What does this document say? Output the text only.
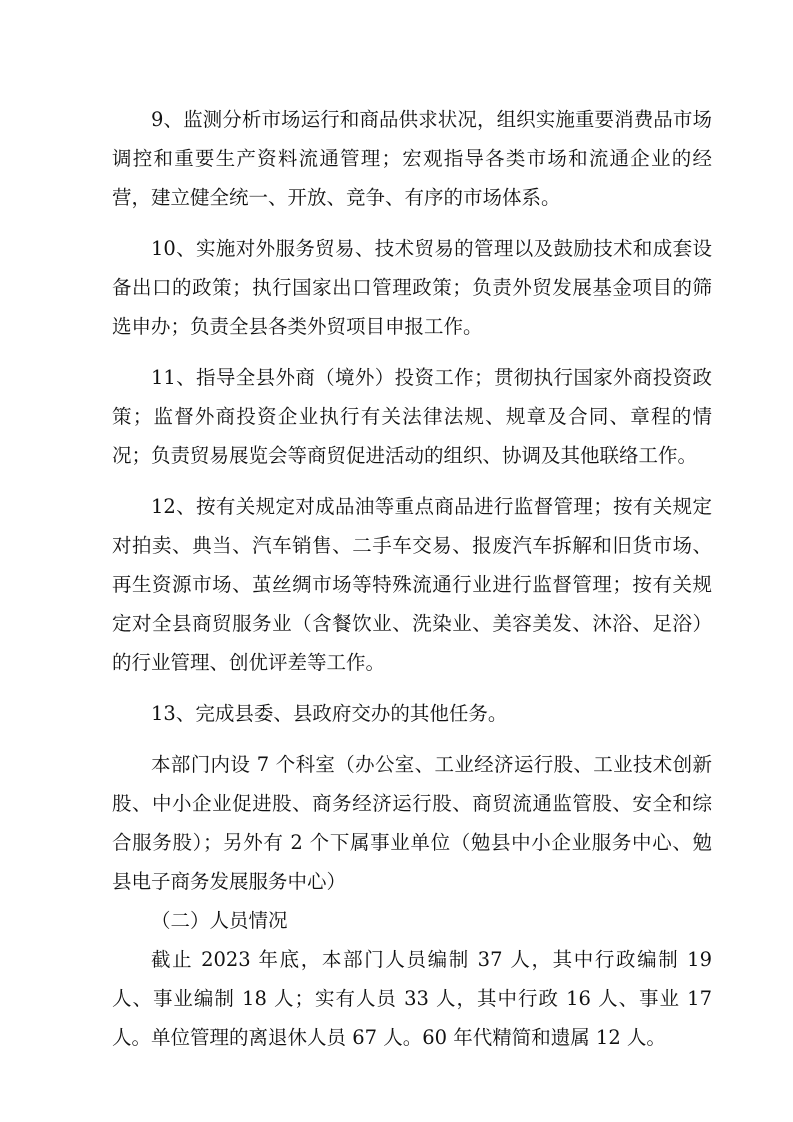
9、监测分析市场运行和商品供求状况，组织实施重要消费品市场调控和重要生产资料流通管理；宏观指导各类市场和流通企业的经营，建立健全统一、开放、竞争、有序的市场体系。

10、实施对外服务贸易、技术贸易的管理以及鼓励技术和成套设备出口的政策；执行国家出口管理政策；负责外贸发展基金项目的筛选申办；负责全县各类外贸项目申报工作。

11、指导全县外商（境外）投资工作；贯彻执行国家外商投资政策；监督外商投资企业执行有关法律法规、规章及合同、章程的情况；负责贸易展览会等商贸促进活动的组织、协调及其他联络工作。

12、按有关规定对成品油等重点商品进行监督管理；按有关规定对拍卖、典当、汽车销售、二手车交易、报废汽车拆解和旧货市场、再生资源市场、茧丝绸市场等特殊流通行业进行监督管理；按有关规定对全县商贸服务业（含餐饮业、洗染业、美容美发、沐浴、足浴）的行业管理、创优评差等工作。

13、完成县委、县政府交办的其他任务。

本部门内设 7 个科室（办公室、工业经济运行股、工业技术创新股、中小企业促进股、商务经济运行股、商贸流通监管股、安全和综合服务股）；另外有 2 个下属事业单位（勉县中小企业服务中心、勉县电子商务发展服务中心）

（二）人员情况

截止 2023 年底，本部门人员编制 37 人，其中行政编制 19 人、事业编制 18 人；实有人员 33 人，其中行政 16 人、事业 17 人。单位管理的离退休人员 67 人。60 年代精简和遗属 12 人。
